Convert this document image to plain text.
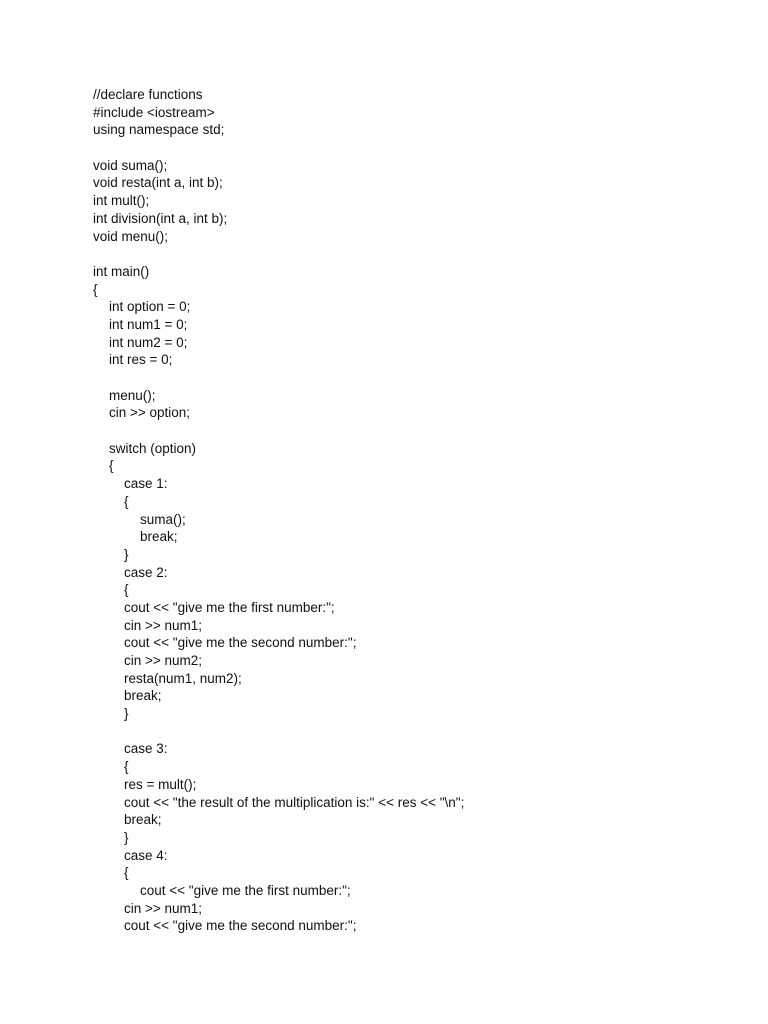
//declare functions
#include <iostream>
using namespace std;
void suma();
void resta(int a, int b);
int mult();
int division(int a, int b);
void menu();
int main()
{
int option = 0;
int num1 = 0;
int num2 = 0;
int res = 0;
menu();
cin >> option;
switch (option)
{
case 1:
{
suma();
break;
}
case 2:
{
cout << "give me the first number:";
cin >> num1;
cout << "give me the second number:";
cin >> num2;
resta(num1, num2);
break;
}
case 3:
{
res = mult();
cout << "the result of the multiplication is:" << res << "\n";
break;
}
case 4:
{
cout << "give me the first number:";
cin >> num1;
cout << "give me the second number:";
